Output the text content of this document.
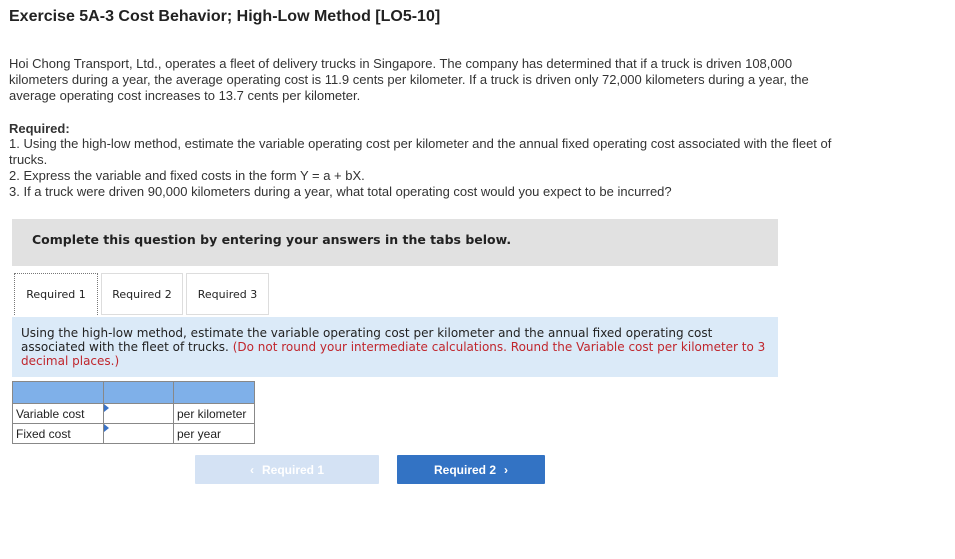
Exercise 5A-3 Cost Behavior; High-Low Method [LO5-10]
Hoi Chong Transport, Ltd., operates a fleet of delivery trucks in Singapore. The company has determined that if a truck is driven 108,000 kilometers during a year, the average operating cost is 11.9 cents per kilometer. If a truck is driven only 72,000 kilometers during a year, the average operating cost increases to 13.7 cents per kilometer.
Required:
1. Using the high-low method, estimate the variable operating cost per kilometer and the annual fixed operating cost associated with the fleet of trucks.
2. Express the variable and fixed costs in the form Y = a + bX.
3. If a truck were driven 90,000 kilometers during a year, what total operating cost would you expect to be incurred?
Complete this question by entering your answers in the tabs below.
Required 1	Required 2	Required 3

Using the high-low method, estimate the variable operating cost per kilometer and the annual fixed operating cost associated with the fleet of trucks. (Do not round your intermediate calculations. Round the Variable cost per kilometer to 3 decimal places.)

Variable cost		per kilometer
Fixed cost		per year
‹ Required 1	Required 2 ›
